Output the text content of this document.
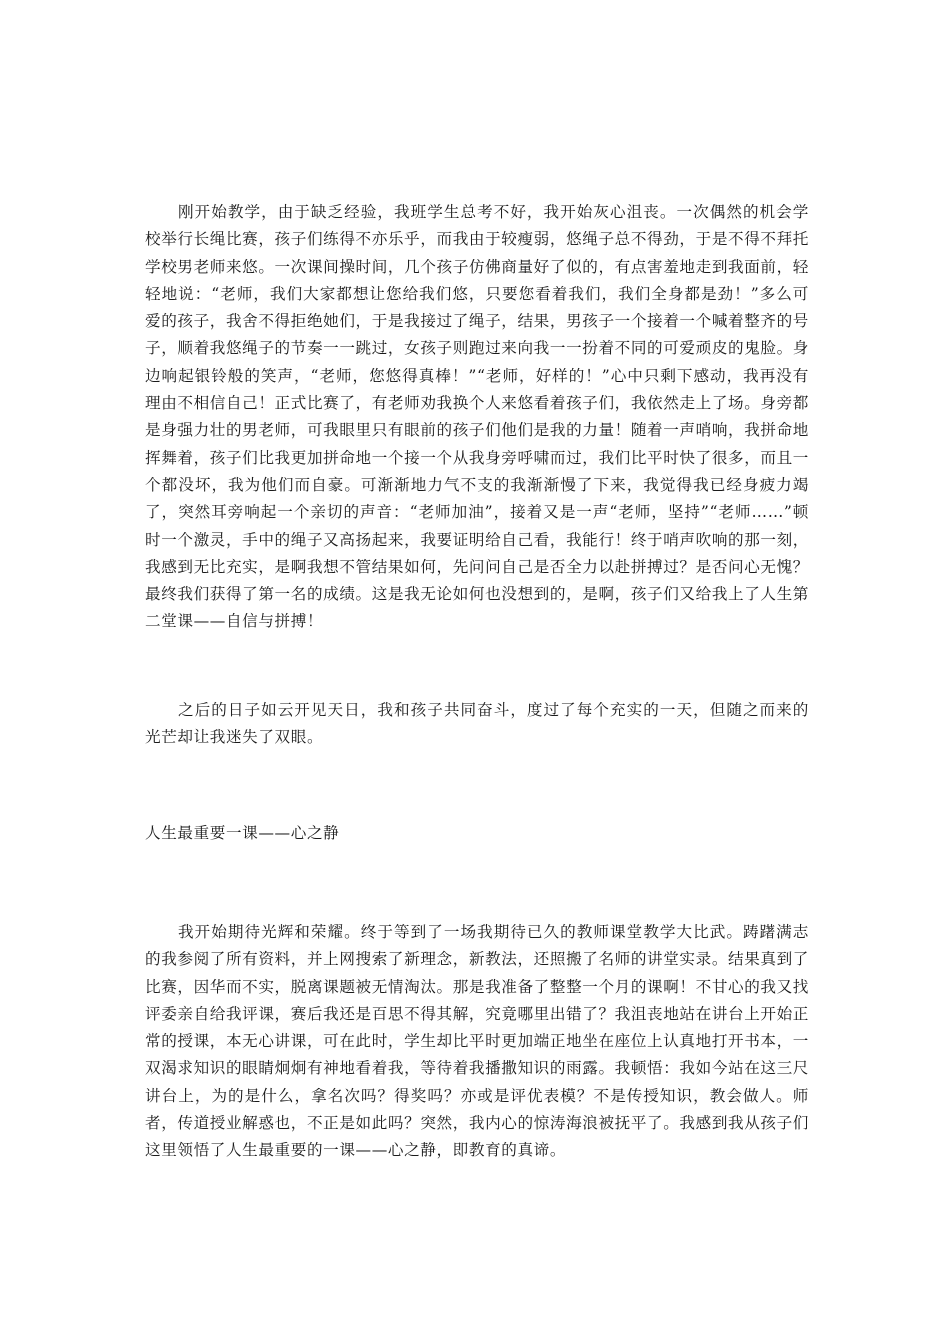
刚开始教学，由于缺乏经验，我班学生总考不好，我开始灰心沮丧。一次偶然的机会学校举行长绳比赛，孩子们练得不亦乐乎，而我由于较瘦弱，悠绳子总不得劲，于是不得不拜托学校男老师来悠。一次课间操时间，几个孩子仿佛商量好了似的，有点害羞地走到我面前，轻轻地说：“老师，我们大家都想让您给我们悠，只要您看着我们，我们全身都是劲！”多么可爱的孩子，我舍不得拒绝她们，于是我接过了绳子，结果，男孩子一个接着一个喊着整齐的号子，顺着我悠绳子的节奏一一跳过，女孩子则跑过来向我一一扮着不同的可爱顽皮的鬼脸。身边响起银铃般的笑声，“老师，您悠得真棒！”“老师，好样的！”心中只剩下感动，我再没有理由不相信自己！正式比赛了，有老师劝我换个人来悠看着孩子们，我依然走上了场。身旁都是身强力壮的男老师，可我眼里只有眼前的孩子们他们是我的力量！随着一声哨响，我拼命地挥舞着，孩子们比我更加拼命地一个接一个从我身旁呼啸而过，我们比平时快了很多，而且一个都没坏，我为他们而自豪。可渐渐地力气不支的我渐渐慢了下来，我觉得我已经身疲力竭了，突然耳旁响起一个亲切的声音：“老师加油”，接着又是一声“老师，坚持”“老师……”顿时一个激灵，手中的绳子又高扬起来，我要证明给自己看，我能行！终于哨声吹响的那一刻，我感到无比充实，是啊我想不管结果如何，先问问自己是否全力以赴拼搏过？是否问心无愧？最终我们获得了第一名的成绩。这是我无论如何也没想到的，是啊，孩子们又给我上了人生第二堂课——自信与拼搏！

之后的日子如云开见天日，我和孩子共同奋斗，度过了每个充实的一天，但随之而来的光芒却让我迷失了双眼。

人生最重要一课——心之静

我开始期待光辉和荣耀。终于等到了一场我期待已久的教师课堂教学大比武。踌躇满志的我参阅了所有资料，并上网搜索了新理念，新教法，还照搬了名师的讲堂实录。结果真到了比赛，因华而不实，脱离课题被无情淘汰。那是我准备了整整一个月的课啊！不甘心的我又找评委亲自给我评课，赛后我还是百思不得其解，究竟哪里出错了？我沮丧地站在讲台上开始正常的授课，本无心讲课，可在此时，学生却比平时更加端正地坐在座位上认真地打开书本，一双渴求知识的眼睛炯炯有神地看着我，等待着我播撒知识的雨露。我顿悟：我如今站在这三尺讲台上，为的是什么，拿名次吗？得奖吗？亦或是评优表模？不是传授知识，教会做人。师者，传道授业解惑也，不正是如此吗？突然，我内心的惊涛海浪被抚平了。我感到我从孩子们这里领悟了人生最重要的一课——心之静，即教育的真谛。
